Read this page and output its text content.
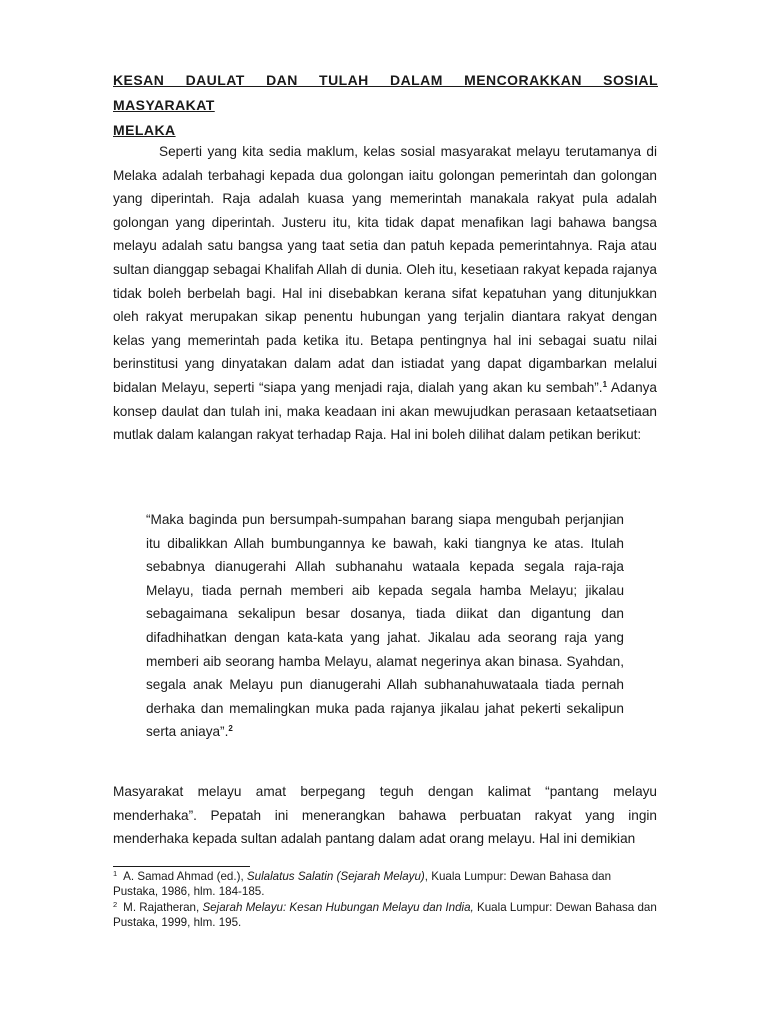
KESAN DAULAT DAN TULAH DALAM MENCORAKKAN SOSIAL MASYARAKAT
MELAKA

Seperti yang kita sedia maklum, kelas sosial masyarakat melayu terutamanya di Melaka adalah terbahagi kepada dua golongan iaitu golongan pemerintah dan golongan yang diperintah. Raja adalah kuasa yang memerintah manakala rakyat pula adalah golongan yang diperintah. Justeru itu, kita tidak dapat menafikan lagi bahawa bangsa melayu adalah satu bangsa yang taat setia dan patuh kepada pemerintahnya. Raja atau sultan dianggap sebagai Khalifah Allah di dunia. Oleh itu, kesetiaan rakyat kepada rajanya tidak boleh berbelah bagi. Hal ini disebabkan kerana sifat kepatuhan yang ditunjukkan oleh rakyat merupakan sikap penentu hubungan yang terjalin diantara rakyat dengan kelas yang memerintah pada ketika itu. Betapa pentingnya hal ini sebagai suatu nilai berinstitusi yang dinyatakan dalam adat dan istiadat yang dapat digambarkan melalui bidalan Melayu, seperti “siapa yang menjadi raja, dialah yang akan ku sembah”.$^1$ Adanya konsep daulat dan tulah ini, maka keadaan ini akan mewujudkan perasaan ketaatsetiaan mutlak dalam kalangan rakyat terhadap Raja. Hal ini boleh dilihat dalam petikan berikut:

“Maka baginda pun bersumpah-sumpahan barang siapa mengubah perjanjian itu dibalikkan Allah bumbungannya ke bawah, kaki tiangnya ke atas. Itulah sebabnya dianugerahi Allah subhanahu wataala kepada segala raja-raja Melayu, tiada pernah memberi aib kepada segala hamba Melayu; jikalau sebagaimana sekalipun besar dosanya, tiada diikat dan digantung dan difadhihatkan dengan kata-kata yang jahat. Jikalau ada seorang raja yang memberi aib seorang hamba Melayu, alamat negerinya akan binasa. Syahdan, segala anak Melayu pun dianugerahi Allah subhanahuwataala tiada pernah derhaka dan memalingkan muka pada rajanya jikalau jahat pekerti sekalipun serta aniaya”.$^2$

Masyarakat melayu amat berpegang teguh dengan kalimat “pantang melayu menderhaka”. Pepatah ini menerangkan bahawa perbuatan rakyat yang ingin menderhaka kepada sultan adalah pantang dalam adat orang melayu. Hal ini demikian

$^1$ A. Samad Ahmad (ed.), Sulalatus Salatin (Sejarah Melayu), Kuala Lumpur: Dewan Bahasa dan Pustaka, 1986, hlm. 184-185.

$^2$ M. Rajatheran, Sejarah Melayu: Kesan Hubungan Melayu dan India, Kuala Lumpur: Dewan Bahasa dan Pustaka, 1999, hlm. 195.
